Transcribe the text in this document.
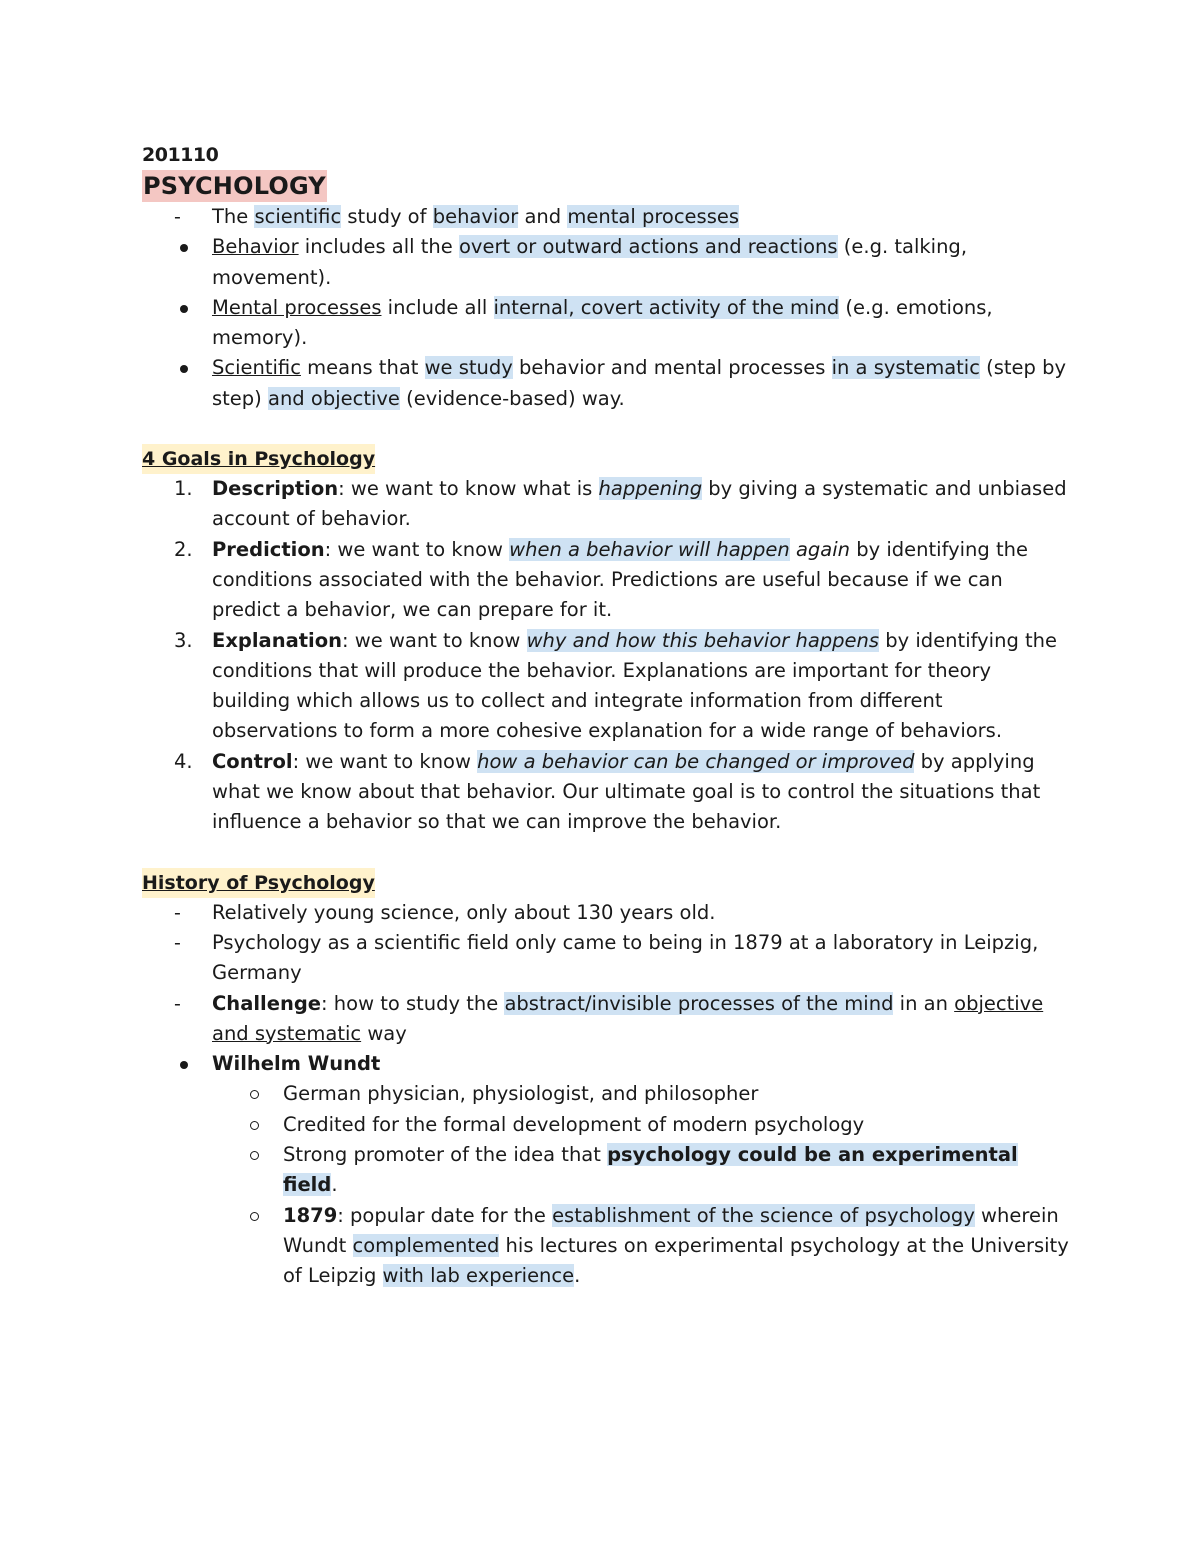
201110
PSYCHOLOGY
-	The scientific study of behavior and mental processes
Behavior includes all the overt or outward actions and reactions (e.g. talking, movement).
Mental processes include all internal, covert activity of the mind (e.g. emotions, memory).
Scientific means that we study behavior and mental processes in a systematic (step by step) and objective (evidence-based) way.
4 Goals in Psychology
1. Description: we want to know what is happening by giving a systematic and unbiased account of behavior.
2. Prediction: we want to know when a behavior will happen again by identifying the conditions associated with the behavior. Predictions are useful because if we can predict a behavior, we can prepare for it.
3. Explanation: we want to know why and how this behavior happens by identifying the conditions that will produce the behavior. Explanations are important for theory building which allows us to collect and integrate information from different observations to form a more cohesive explanation for a wide range of behaviors.
4. Control: we want to know how a behavior can be changed or improved by applying what we know about that behavior. Our ultimate goal is to control the situations that influence a behavior so that we can improve the behavior.
History of Psychology
-	Relatively young science, only about 130 years old.
-	Psychology as a scientific field only came to being in 1879 at a laboratory in Leipzig, Germany
-	Challenge: how to study the abstract/invisible processes of the mind in an objective and systematic way
Wilhelm Wundt
German physician, physiologist, and philosopher
Credited for the formal development of modern psychology
Strong promoter of the idea that psychology could be an experimental field.
1879: popular date for the establishment of the science of psychology wherein Wundt complemented his lectures on experimental psychology at the University of Leipzig with lab experience.
